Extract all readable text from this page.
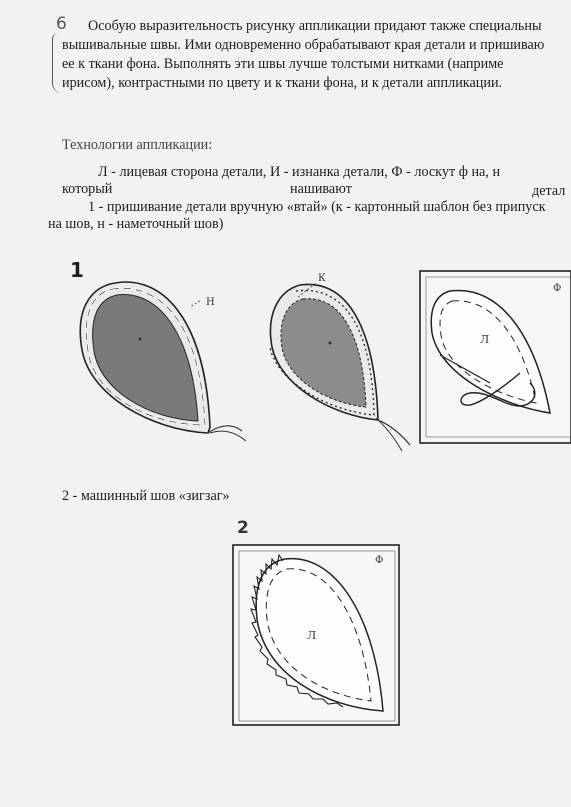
6 Особую выразительность рисунку аппликации придают также специальны
вышивальные швы. Ими одновременно обрабатывают края детали и пришиваю
ее к ткани фона. Выполнять эти швы лучше толстыми нитками (наприме
ирисом), контрастными по цвету и к ткани фона, и к детали аппликации.
Технологии аппликации:
Л - лицевая сторона детали, И - изнанка детали, Ф - лоскут ф на, н
который	нашивают	детал
1 - пришивание детали вручную «втай» (к - картонный шаблон без припуск
на шов, н - наметочный шов)
1
Н
К
Ф
Л
2 - машинный шов «зигзаг»
2
Ф
Л
